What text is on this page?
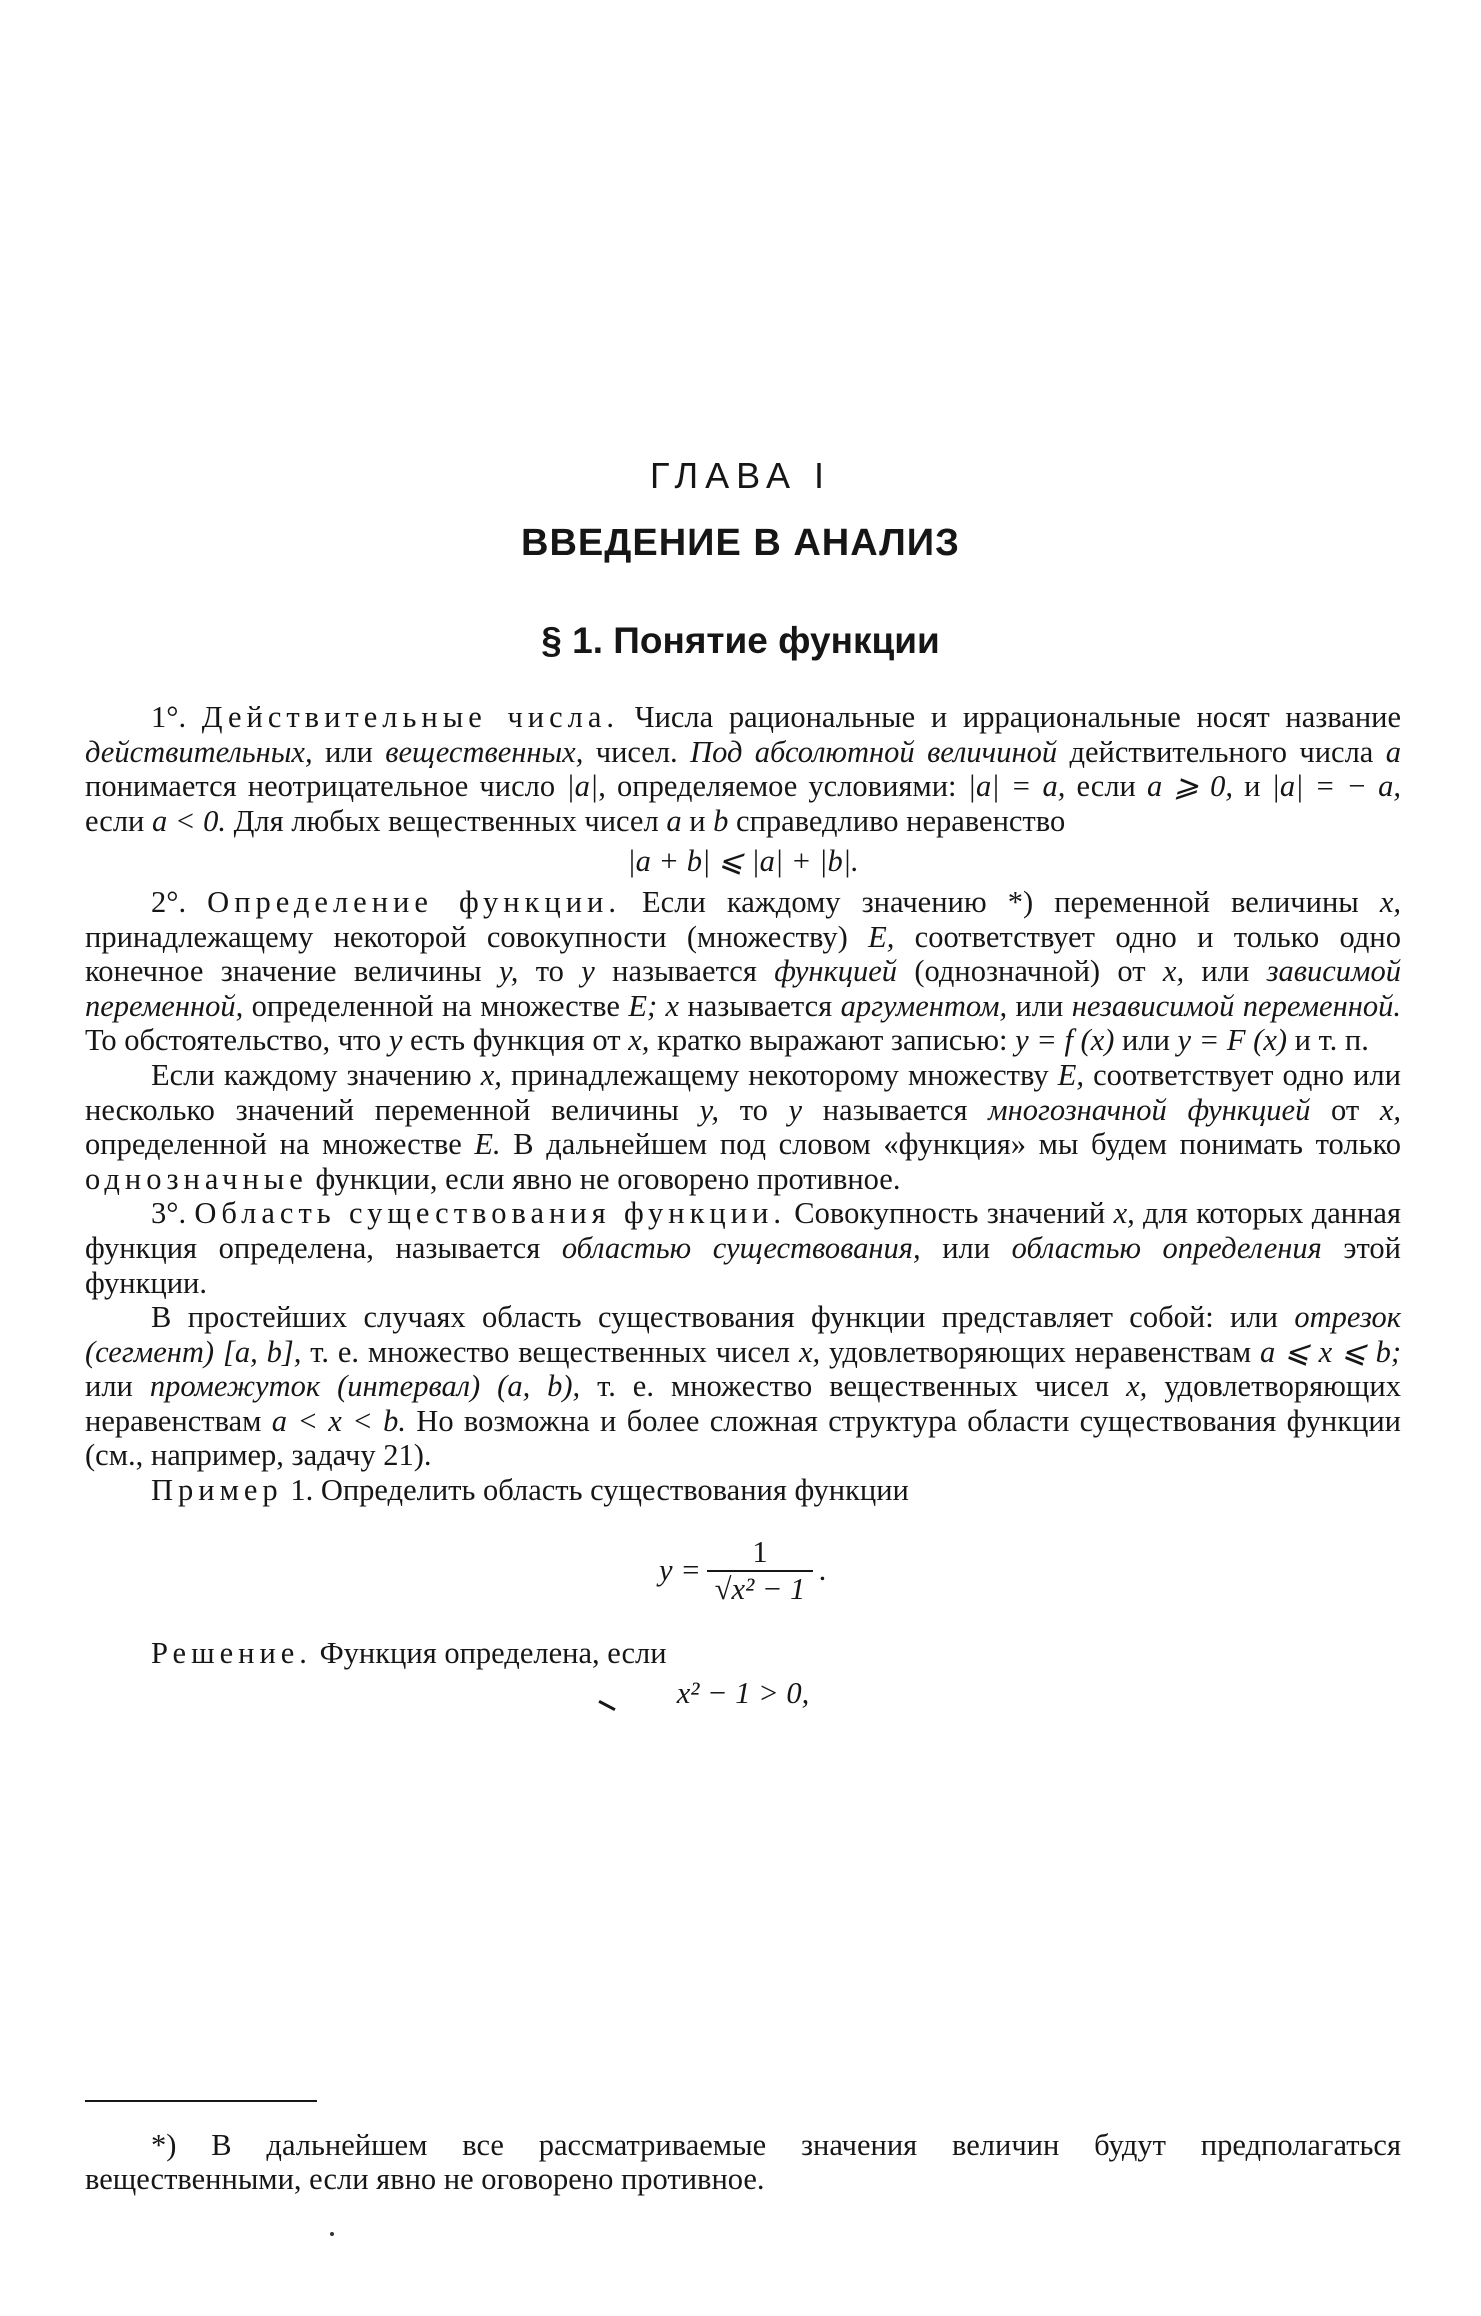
ГЛАВА I
ВВЕДЕНИЕ В АНАЛИЗ
§ 1. Понятие функции

1°. Действительные числа. Числа рациональные и иррациональные носят название действительных, или вещественных, чисел. Под абсолютной величиной действительного числа a понимается неотрицательное число |a|, определяемое условиями: |a| = a, если a ⩾ 0, и |a| = − a, если a < 0. Для любых вещественных чисел a и b справедливо неравенство

|a + b| ⩽ |a| + |b|.

2°. Определение функции. Если каждому значению *) переменной величины x, принадлежащему некоторой совокупности (множеству) E, соответствует одно и только одно конечное значение величины y, то y называется функцией (однозначной) от x, или зависимой переменной, определенной на множестве E; x называется аргументом, или независимой переменной. То обстоятельство, что y есть функция от x, кратко выражают записью: y = f (x) или y = F (x) и т. п.

Если каждому значению x, принадлежащему некоторому множеству E, соответствует одно или несколько значений переменной величины y, то y называется многозначной функцией от x, определенной на множестве E. В дальнейшем под словом «функция» мы будем понимать только однозначные функции, если явно не оговорено противное.

3°. Область существования функции. Совокупность значений x, для которых данная функция определена, называется областью существования, или областью определения этой функции.

В простейших случаях область существования функции представляет собой: или отрезок (сегмент) [a, b], т. е. множество вещественных чисел x, удовлетворяющих неравенствам a ⩽ x ⩽ b; или промежуток (интервал) (a, b), т. е. множество вещественных чисел x, удовлетворяющих неравенствам a < x < b. Но возможна и более сложная структура области существования функции (см., например, задачу 21).

Пример 1. Определить область существования функции

$y = \frac{1}{\text{√x² − 1}}$ .

Решение. Функция определена, если

x² − 1 > 0,
*) В дальнейшем все рассматриваемые значения величин будут предполагаться вещественными, если явно не оговорено противное.
